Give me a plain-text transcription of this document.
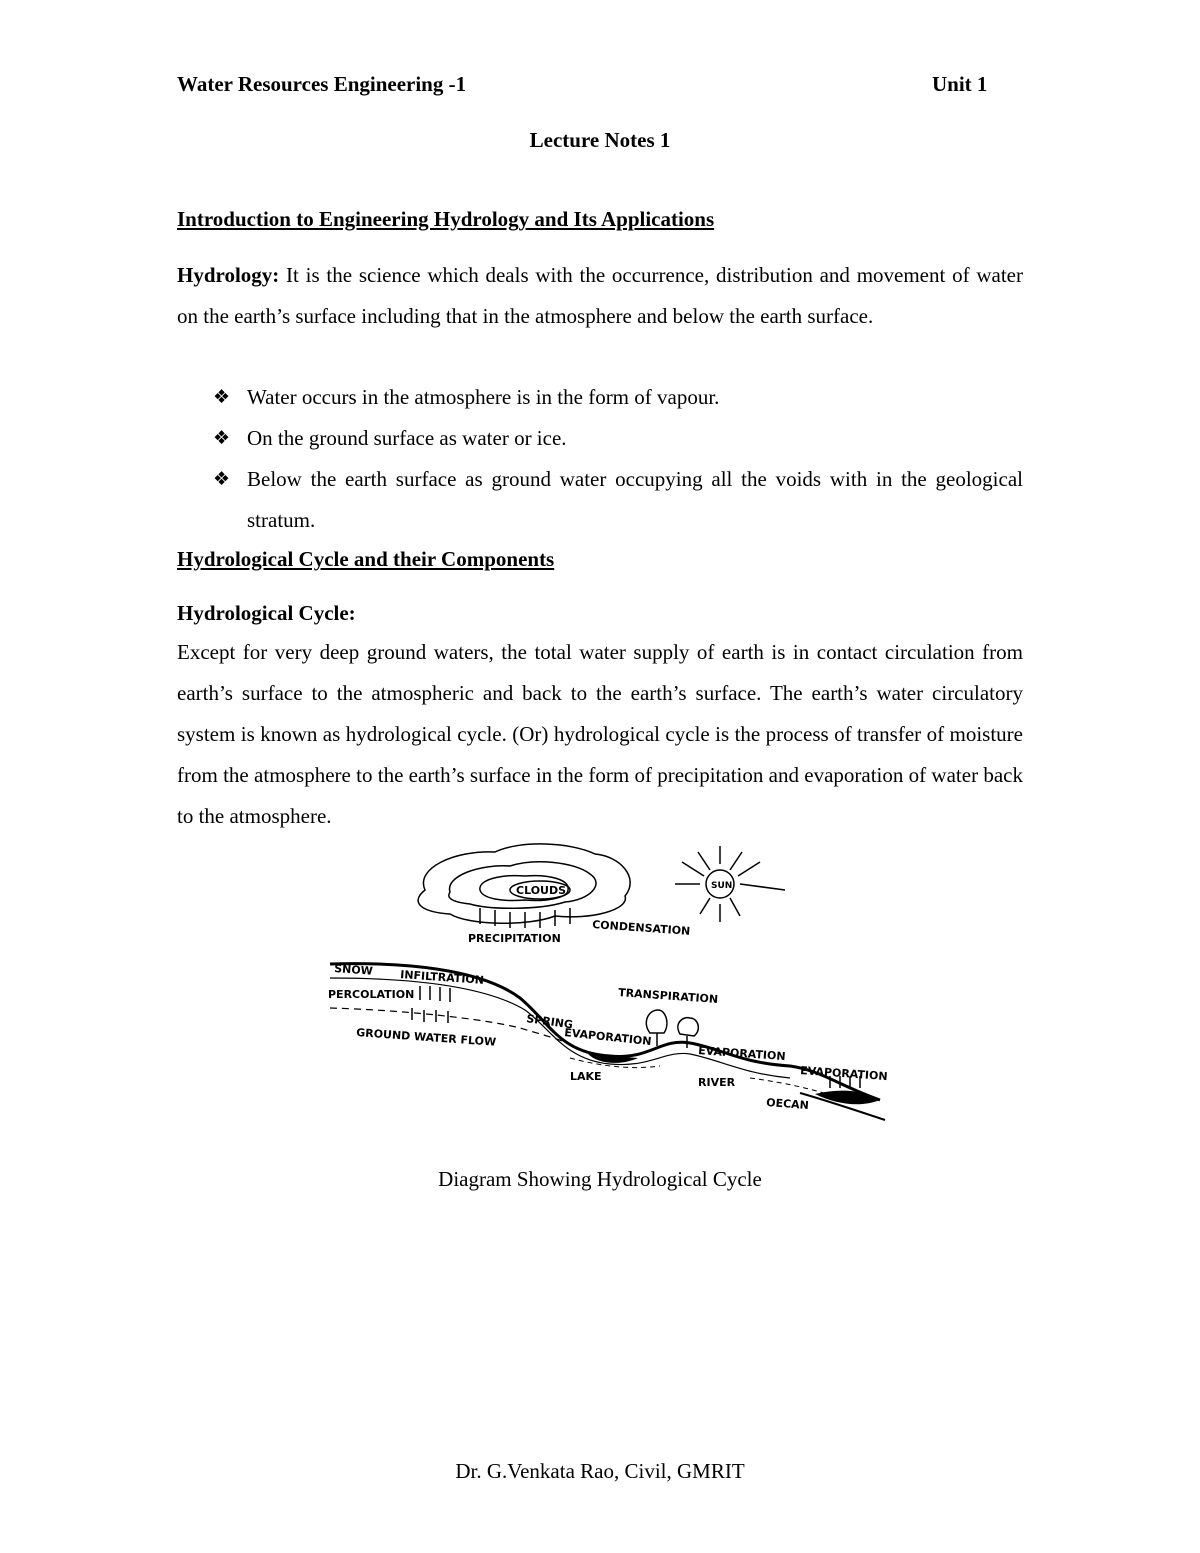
Water Resources Engineering -1	Unit 1
Lecture Notes 1
Introduction to Engineering Hydrology and Its Applications
Hydrology: It is the science which deals with the occurrence, distribution and movement of water on the earth’s surface including that in the atmosphere and below the earth surface.
❖ Water occurs in the atmosphere is in the form of vapour.
❖ On the ground surface as water or ice.
❖ Below the earth surface as ground water occupying all the voids with in the geological stratum.
Hydrological Cycle and their Components
Hydrological Cycle:
Except for very deep ground waters, the total water supply of earth is in contact circulation from earth’s surface to the atmospheric and back to the earth’s surface. The earth’s water circulatory system is known as hydrological cycle. (Or) hydrological cycle is the process of transfer of moisture from the atmosphere to the earth’s surface in the form of precipitation and evaporation of water back to the atmosphere.
CLOUDS
PRECIPITATION
CONDENSATION
SUN
SNOW INFILTRATION
PERCOLATION
GROUND WATER FLOW
TRANSPIRATION
SPRING
EVAPORATION
LAKE
EVAPORATION
RIVER	EVAPORATION
OECAN
Diagram Showing Hydrological Cycle
Dr. G.Venkata Rao, Civil, GMRIT
